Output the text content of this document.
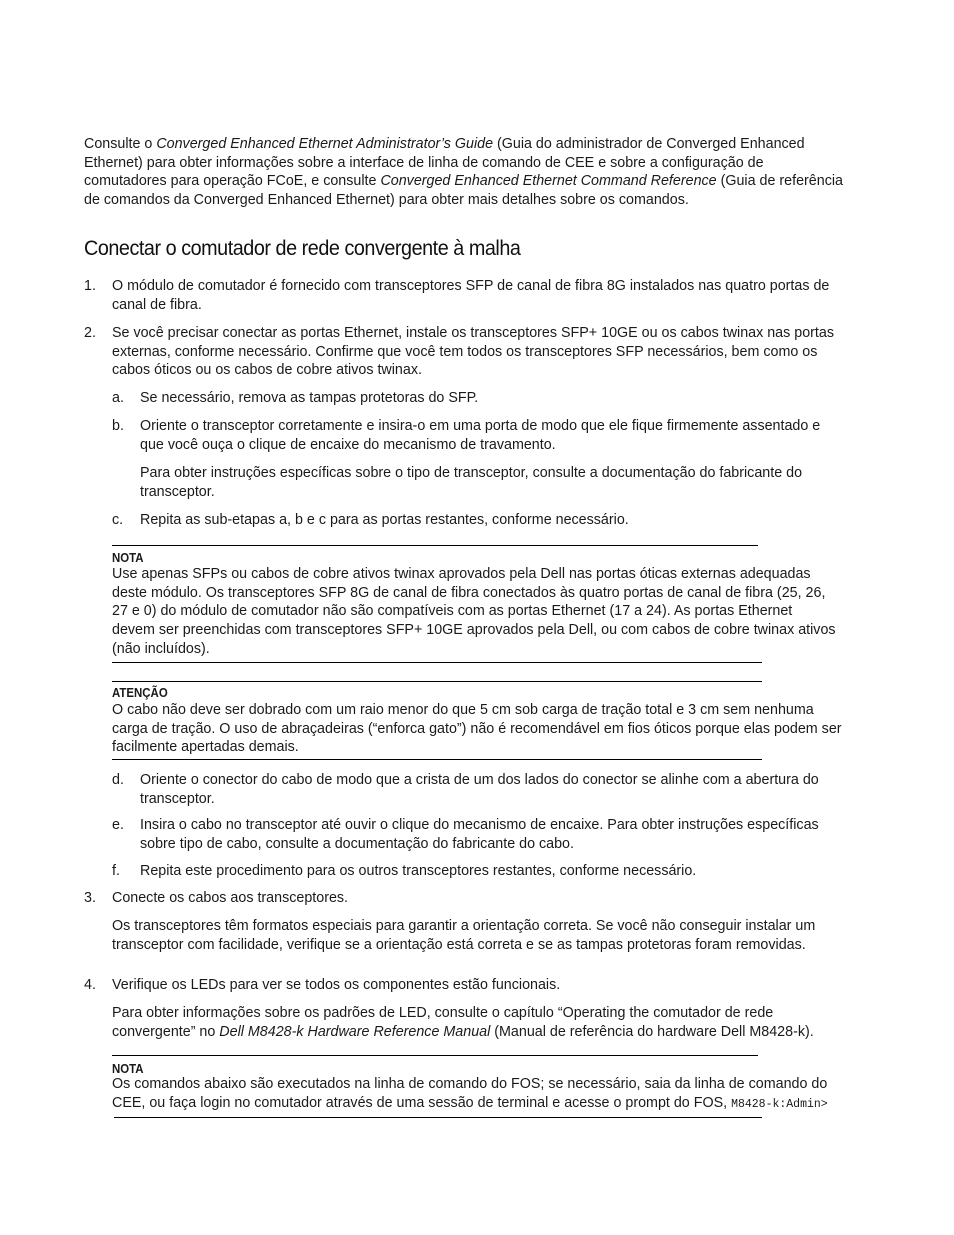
Consulte o Converged Enhanced Ethernet Administrator’s Guide (Guia do administrador de Converged Enhanced Ethernet) para obter informações sobre a interface de linha de comando de CEE e sobre a configuração de comutadores para operação FCoE, e consulte Converged Enhanced Ethernet Command Reference (Guia de referência de comandos da Converged Enhanced Ethernet) para obter mais detalhes sobre os comandos.

Conectar o comutador de rede convergente à malha

1. O módulo de comutador é fornecido com transceptores SFP de canal de fibra 8G instalados nas quatro portas de canal de fibra.

2. Se você precisar conectar as portas Ethernet, instale os transceptores SFP+ 10GE ou os cabos twinax nas portas externas, conforme necessário. Confirme que você tem todos os transceptores SFP necessários, bem como os cabos óticos ou os cabos de cobre ativos twinax.

a. Se necessário, remova as tampas protetoras do SFP.

b. Oriente o transceptor corretamente e insira-o em uma porta de modo que ele fique firmemente assentado e que você ouça o clique de encaixe do mecanismo de travamento.

Para obter instruções específicas sobre o tipo de transceptor, consulte a documentação do fabricante do transceptor.

c. Repita as sub-etapas a, b e c para as portas restantes, conforme necessário.

NOTA

Use apenas SFPs ou cabos de cobre ativos twinax aprovados pela Dell nas portas óticas externas adequadas deste módulo. Os transceptores SFP 8G de canal de fibra conectados às quatro portas de canal de fibra (25, 26, 27 e 0) do módulo de comutador não são compatíveis com as portas Ethernet (17 a 24). As portas Ethernet devem ser preenchidas com transceptores SFP+ 10GE aprovados pela Dell, ou com cabos de cobre twinax ativos (não incluídos).

ATENÇÃO

O cabo não deve ser dobrado com um raio menor do que 5 cm sob carga de tração total e 3 cm sem nenhuma carga de tração. O uso de abraçadeiras (“enforca gato”) não é recomendável em fios óticos porque elas podem ser facilmente apertadas demais.

d. Oriente o conector do cabo de modo que a crista de um dos lados do conector se alinhe com a abertura do transceptor.

e. Insira o cabo no transceptor até ouvir o clique do mecanismo de encaixe. Para obter instruções específicas sobre tipo de cabo, consulte a documentação do fabricante do cabo.

f. Repita este procedimento para os outros transceptores restantes, conforme necessário.

3. Conecte os cabos aos transceptores.

Os transceptores têm formatos especiais para garantir a orientação correta. Se você não conseguir instalar um transceptor com facilidade, verifique se a orientação está correta e se as tampas protetoras foram removidas.

4. Verifique os LEDs para ver se todos os componentes estão funcionais.

Para obter informações sobre os padrões de LED, consulte o capítulo “Operating the comutador de rede convergente” no Dell M8428-k Hardware Reference Manual (Manual de referência do hardware Dell M8428-k).

NOTA

Os comandos abaixo são executados na linha de comando do FOS; se necessário, saia da linha de comando do CEE, ou faça login no comutador através de uma sessão de terminal e acesse o prompt do FOS, M8428-k:Admin>
